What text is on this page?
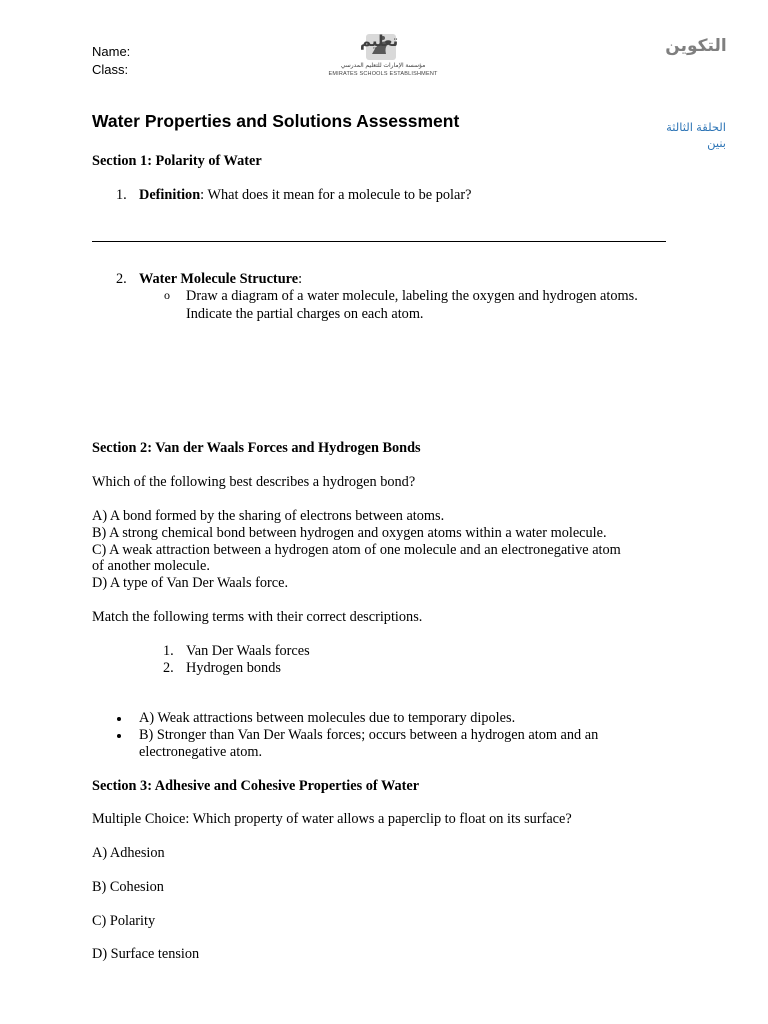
Name:
Class:
تعليم
مؤسسة الإمارات للتعليم المدرسي
EMIRATES SCHOOLS ESTABLISHMENT
التكوين
الحلقة الثالثة
بنين
Water Properties and Solutions Assessment
Section 1: Polarity of Water
1. Definition: What does it mean for a molecule to be polar?
2. Water Molecule Structure:
o Draw a diagram of a water molecule, labeling the oxygen and hydrogen atoms.
Indicate the partial charges on each atom.
Section 2: Van der Waals Forces and Hydrogen Bonds
Which of the following best describes a hydrogen bond?
A) A bond formed by the sharing of electrons between atoms.
B) A strong chemical bond between hydrogen and oxygen atoms within a water molecule.
C) A weak attraction between a hydrogen atom of one molecule and an electronegative atom
of another molecule.
D) A type of Van Der Waals force.
Match the following terms with their correct descriptions.
1. Van Der Waals forces
2. Hydrogen bonds
A) Weak attractions between molecules due to temporary dipoles.
B) Stronger than Van Der Waals forces; occurs between a hydrogen atom and an
electronegative atom.
Section 3: Adhesive and Cohesive Properties of Water
Multiple Choice: Which property of water allows a paperclip to float on its surface?
A) Adhesion
B) Cohesion
C) Polarity
D) Surface tension
